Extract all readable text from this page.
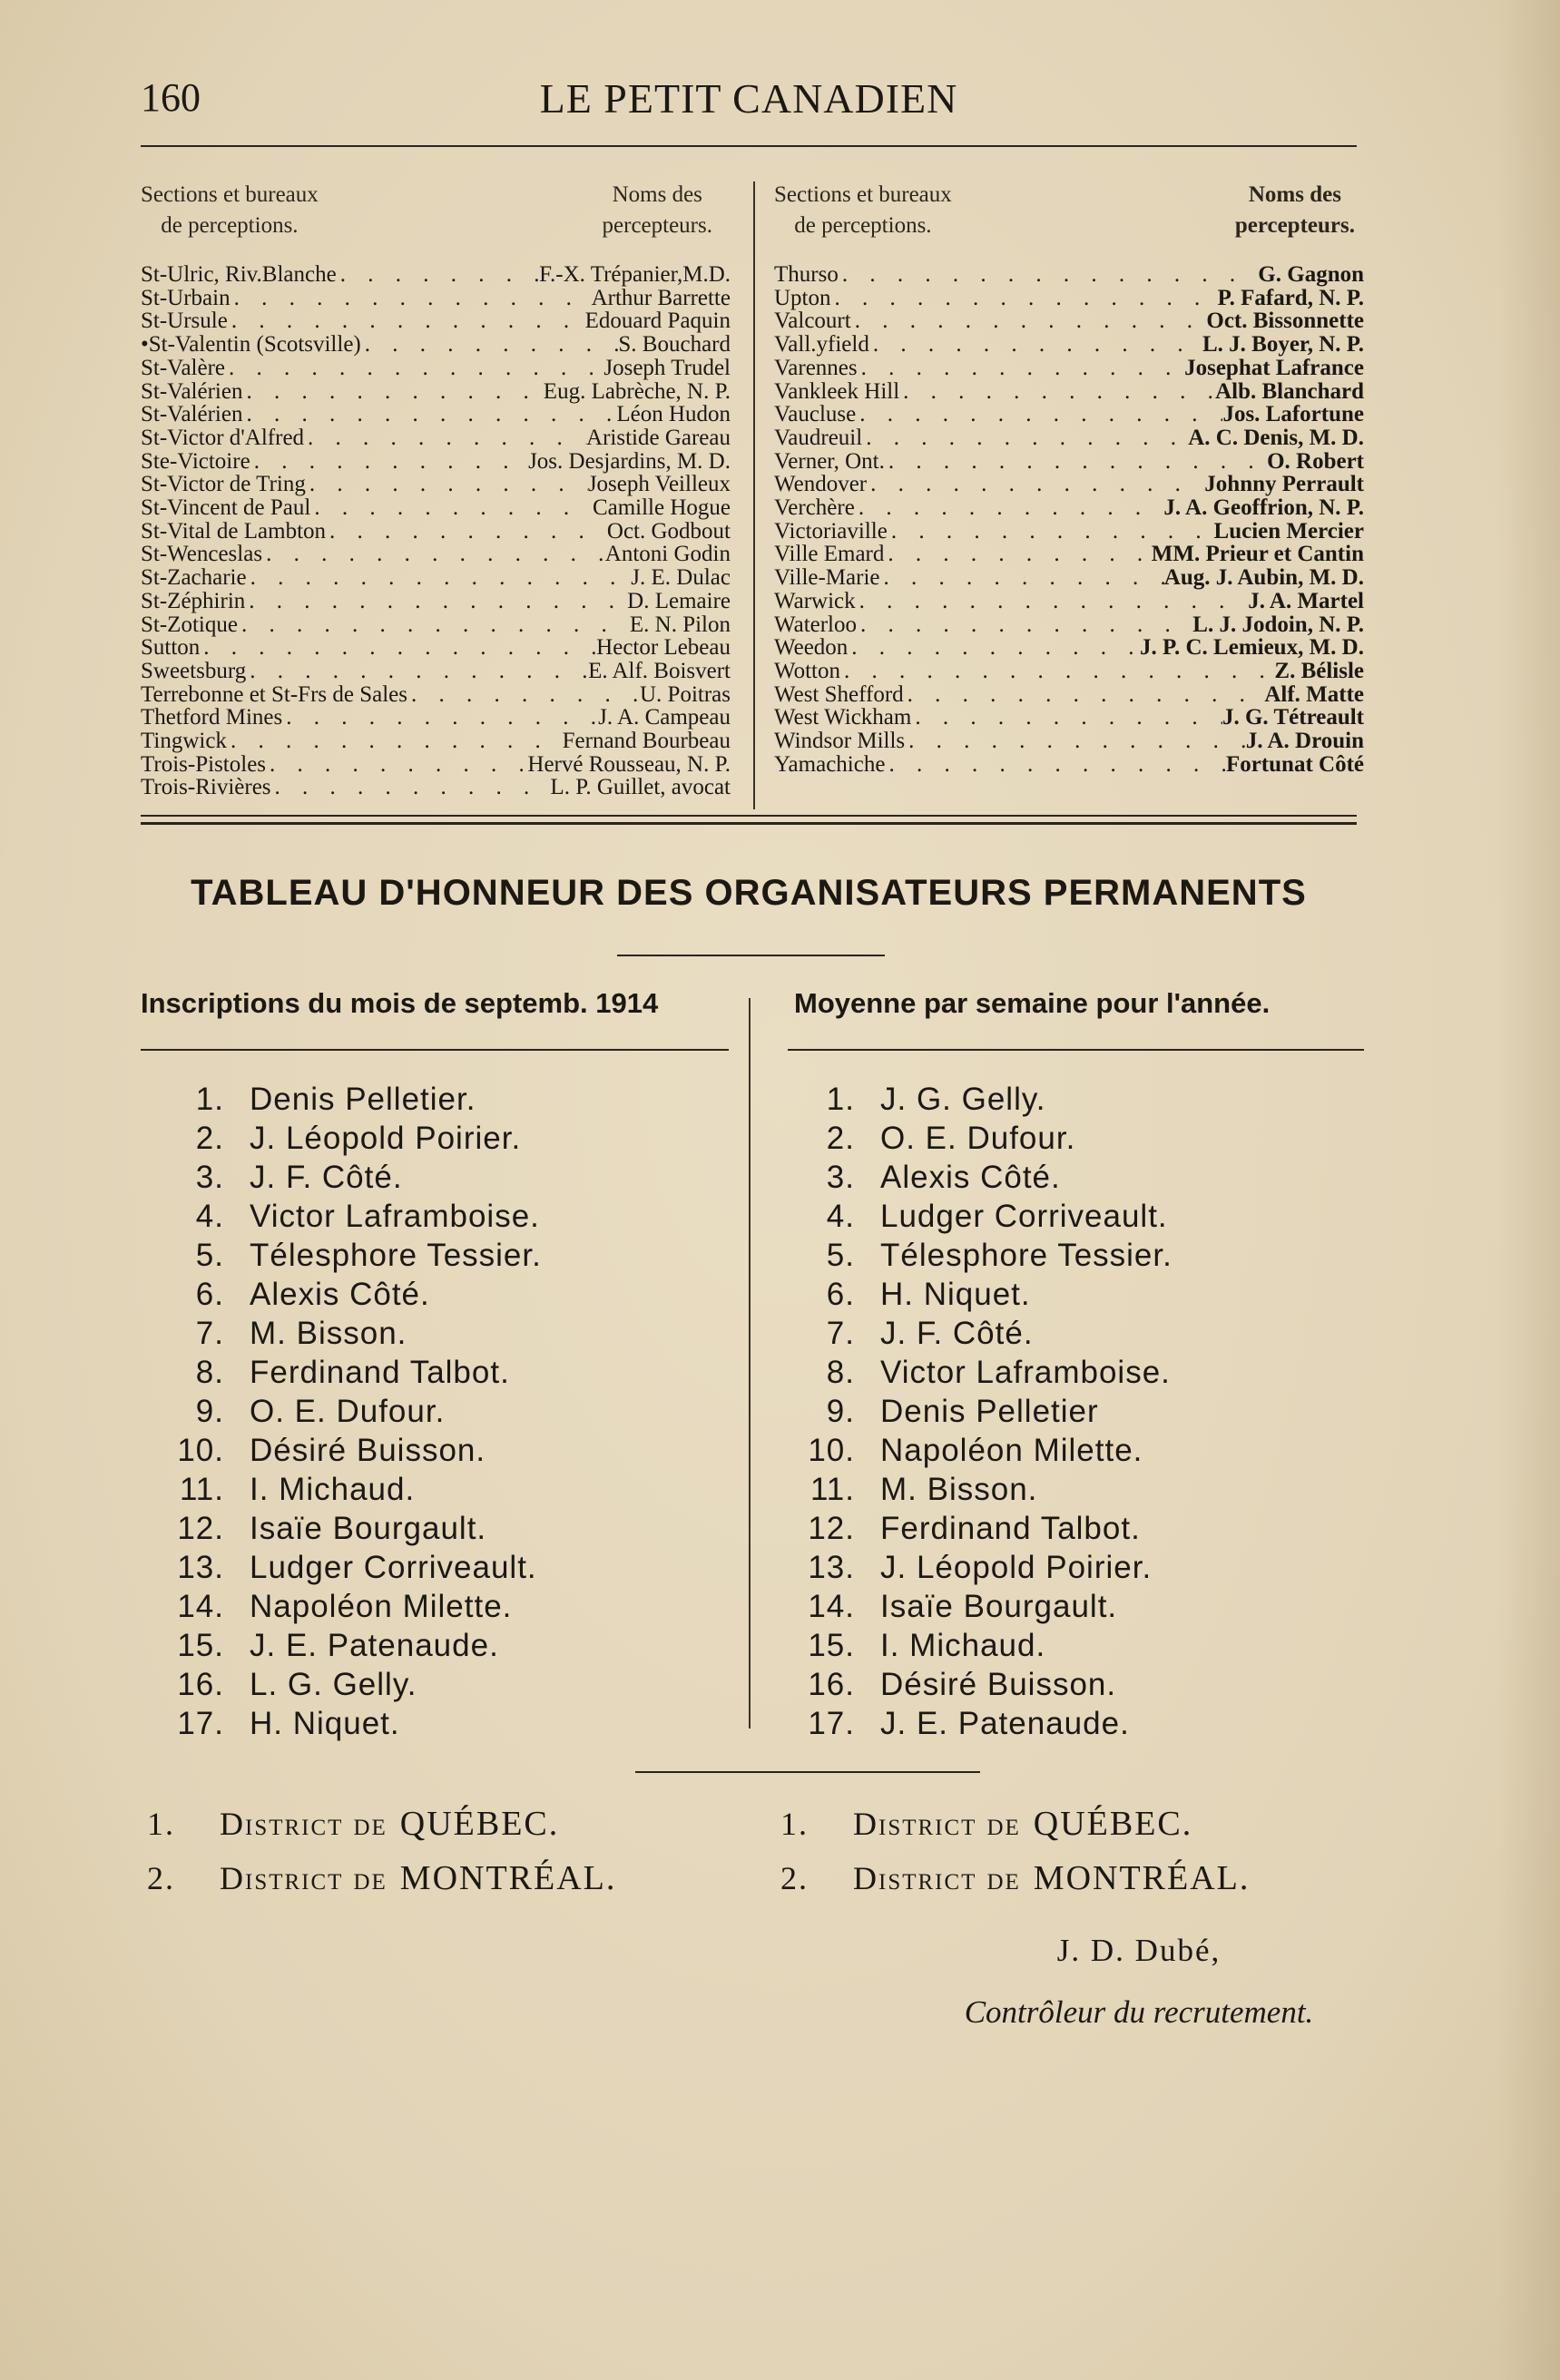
160	LE PETIT CANADIEN
Sections et bureaux
de perceptions.
Noms des
percepteurs.
St-Ulric, Riv.Blanche . . .	F.-X. Trépanier,M.D.
St-Urbain . . .	Arthur Barrette
St-Ursule . . .	Edouard Paquin
•St-Valentin (Scotsville) . . .	S. Bouchard
St-Valère . . .	Joseph Trudel
St-Valérien . . .	Eug. Labrèche, N. P.
St-Valérien . . .	Léon Hudon
St-Victor d'Alfred . . .	Aristide Gareau
Ste-Victoire . . .	Jos. Desjardins, M. D.
St-Victor de Tring . . .	Joseph Veilleux
St-Vincent de Paul . . .	Camille Hogue
St-Vital de Lambton . . .	Oct. Godbout
St-Wenceslas . . .	Antoni Godin
St-Zacharie . . .	J. E. Dulac
St-Zéphirin . . .	D. Lemaire
St-Zotique . . .	E. N. Pilon
Sutton . . .	Hector Lebeau
Sweetsburg . . .	E. Alf. Boisvert
Terrebonne et St-Frs de Sales . . .	U. Poitras
Thetford Mines . . .	J. A. Campeau
Tingwick . . .	Fernand Bourbeau
Trois-Pistoles . . .	Hervé Rousseau, N. P.
Trois-Rivières . . .	L. P. Guillet, avocat
Sections et bureaux
de perceptions.
Noms des
percepteurs.
Thurso . . .	G. Gagnon
Upton . . .	P. Fafard, N. P.
Valcourt . . .	Oct. Bissonnette
Vall.yfield . . .	L. J. Boyer, N. P.
Varennes . . .	Josephat Lafrance
Vankleek Hill . . .	Alb. Blanchard
Vaucluse . . .	Jos. Lafortune
Vaudreuil . . .	A. C. Denis, M. D.
Verner, Ont. . . .	O. Robert
Wendover . . .	Johnny Perrault
Verchère . . .	J. A. Geoffrion, N. P.
Victoriaville . . .	Lucien Mercier
Ville Emard . . .	MM. Prieur et Cantin
Ville-Marie . . .	Aug. J. Aubin, M. D.
Warwick . . .	J. A. Martel
Waterloo . . .	L. J. Jodoin, N. P.
Weedon . . .	J. P. C. Lemieux, M. D.
Wotton . . .	Z. Bélisle
West Shefford . . .	Alf. Matte
West Wickham . . .	J. G. Tétreault
Windsor Mills . . .	J. A. Drouin
Yamachiche . . .	Fortunat Côté
TABLEAU D'HONNEUR DES ORGANISATEURS PERMANENTS
Inscriptions du mois de septemb. 1914	Moyenne par semaine pour l'année.
1. Denis Pelletier.
2. J. Léopold Poirier.
3. J. F. Côté.
4. Victor Laframboise.
5. Télesphore Tessier.
6. Alexis Côté.
7. M. Bisson.
8. Ferdinand Talbot.
9. O. E. Dufour.
10. Désiré Buisson.
11. I. Michaud.
12. Isaïe Bourgault.
13. Ludger Corriveault.
14. Napoléon Milette.
15. J. E. Patenaude.
16. L. G. Gelly.
17. H. Niquet.
1. J. G. Gelly.
2. O. E. Dufour.
3. Alexis Côté.
4. Ludger Corriveault.
5. Télesphore Tessier.
6. H. Niquet.
7. J. F. Côté.
8. Victor Laframboise.
9. Denis Pelletier
10. Napoléon Milette.
11. M. Bisson.
12. Ferdinand Talbot.
13. J. Léopold Poirier.
14. Isaïe Bourgault.
15. I. Michaud.
16. Désiré Buisson.
17. J. E. Patenaude.
1.	District de QUÉBEC.
2.	District de MONTRÉAL.
1.	District de QUÉBEC.
2.	District de MONTRÉAL.
J. D. Dubé,
Contrôleur du recrutement.
